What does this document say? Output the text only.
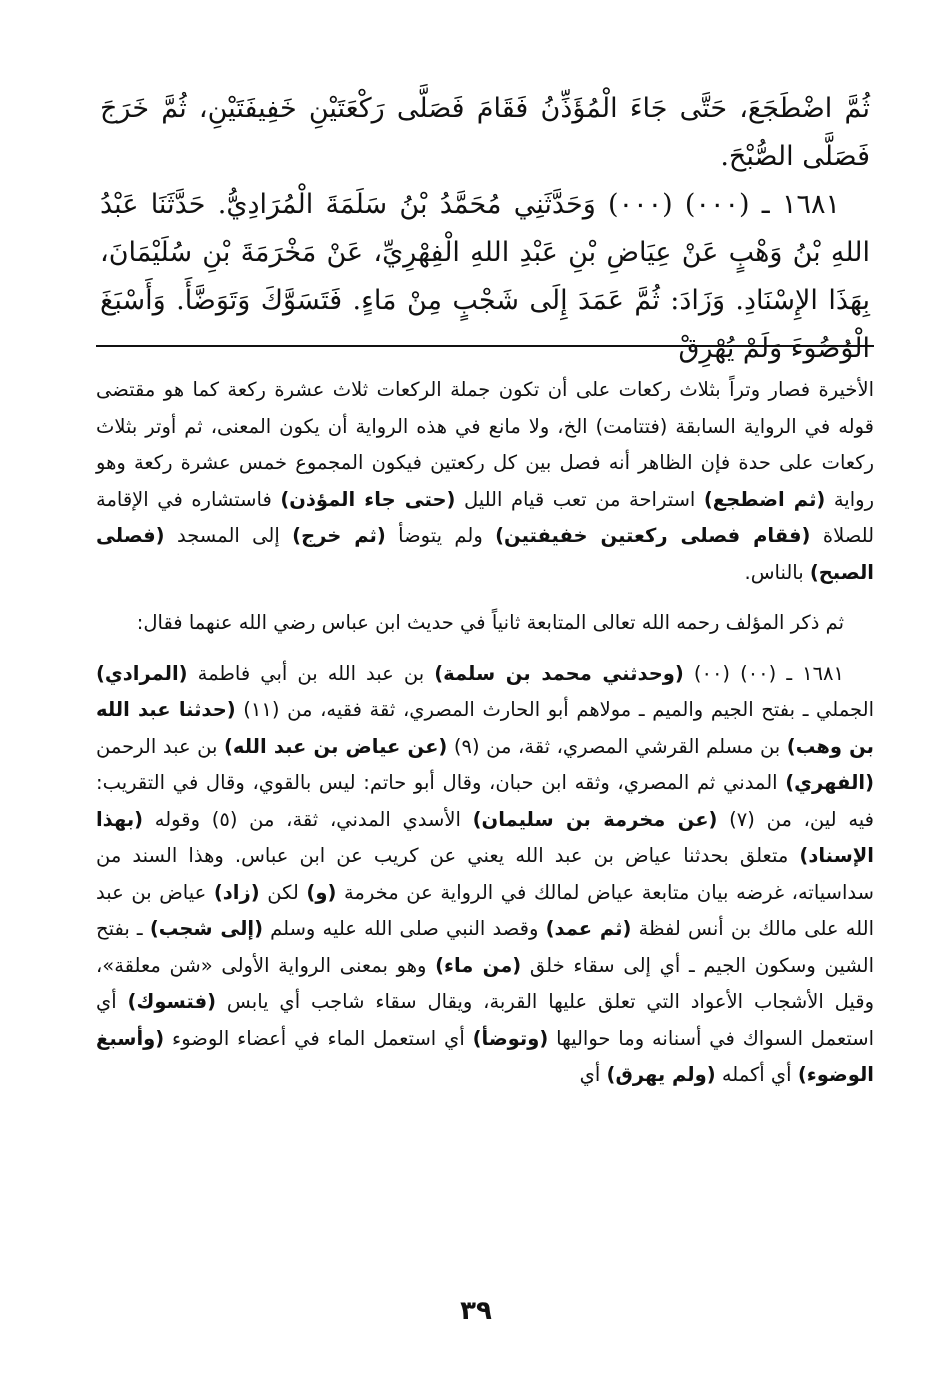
ثُمَّ اضْطَجَعَ، حَتَّى جَاءَ الْمُؤَذِّنُ فَقَامَ فَصَلَّى رَكْعَتَيْنِ خَفِيفَتَيْنِ، ثُمَّ خَرَجَ فَصَلَّى الصُّبْحَ.

١٦٨١ ـ (٠٠٠) (٠٠٠) وَحَدَّثَنِي مُحَمَّدُ بْنُ سَلَمَةَ الْمُرَادِيُّ. حَدَّثَنَا عَبْدُ اللهِ بْنُ وَهْبٍ عَنْ عِيَاضِ بْنِ عَبْدِ اللهِ الْفِهْرِيِّ، عَنْ مَخْرَمَةَ بْنِ سُلَيْمَانَ، بِهَذَا الإِسْنَادِ. وَزَادَ: ثُمَّ عَمَدَ إِلَى شَجْبٍ مِنْ مَاءٍ. فَتَسَوَّكَ وَتَوَضَّأَ. وَأَسْبَغَ الْوُضُوءَ وَلَمْ يُهْرِقْ

الأخيرة فصار وتراً بثلاث ركعات على أن تكون جملة الركعات ثلاث عشرة ركعة كما هو مقتضى قوله في الرواية السابقة (فتتامت) الخ، ولا مانع في هذه الرواية أن يكون المعنى، ثم أوتر بثلاث ركعات على حدة فإن الظاهر أنه فصل بين كل ركعتين فيكون المجموع خمس عشرة ركعة وهو رواية (ثم اضطجع) استراحة من تعب قيام الليل (حتى جاء المؤذن) فاستشاره في الإقامة للصلاة (فقام فصلى ركعتين خفيفتين) ولم يتوضأ (ثم خرج) إلى المسجد (فصلى الصبح) بالناس.

ثم ذكر المؤلف رحمه الله تعالى المتابعة ثانياً في حديث ابن عباس رضي الله عنهما فقال:

١٦٨١ ـ (٠٠) (٠٠) (وحدثني محمد بن سلمة) بن عبد الله بن أبي فاطمة (المرادي) الجملي ـ بفتح الجيم والميم ـ مولاهم أبو الحارث المصري، ثقة فقيه، من (١١) (حدثنا عبد الله بن وهب) بن مسلم القرشي المصري، ثقة، من (٩) (عن عياض بن عبد الله) بن عبد الرحمن (الفهري) المدني ثم المصري، وثقه ابن حبان، وقال أبو حاتم: ليس بالقوي، وقال في التقريب: فيه لين، من (٧) (عن مخرمة بن سليمان) الأسدي المدني، ثقة، من (٥) وقوله (بهذا الإسناد) متعلق بحدثنا عياض بن عبد الله يعني عن كريب عن ابن عباس. وهذا السند من سداسياته، غرضه بيان متابعة عياض لمالك في الرواية عن مخرمة (و) لكن (زاد) عياض بن عبد الله على مالك بن أنس لفظة (ثم عمد) وقصد النبي صلى الله عليه وسلم (إلى شجب) ـ بفتح الشين وسكون الجيم ـ أي إلى سقاء خلق (من ماء) وهو بمعنى الرواية الأولى «شن معلقة»، وقيل الأشجاب الأعواد التي تعلق عليها القربة، ويقال سقاء شاجب أي يابس (فتسوك) أي استعمل السواك في أسنانه وما حواليها (وتوضأ) أي استعمل الماء في أعضاء الوضوء (وأسبغ الوضوء) أي أكمله (ولم يهرق) أي

٣٩
